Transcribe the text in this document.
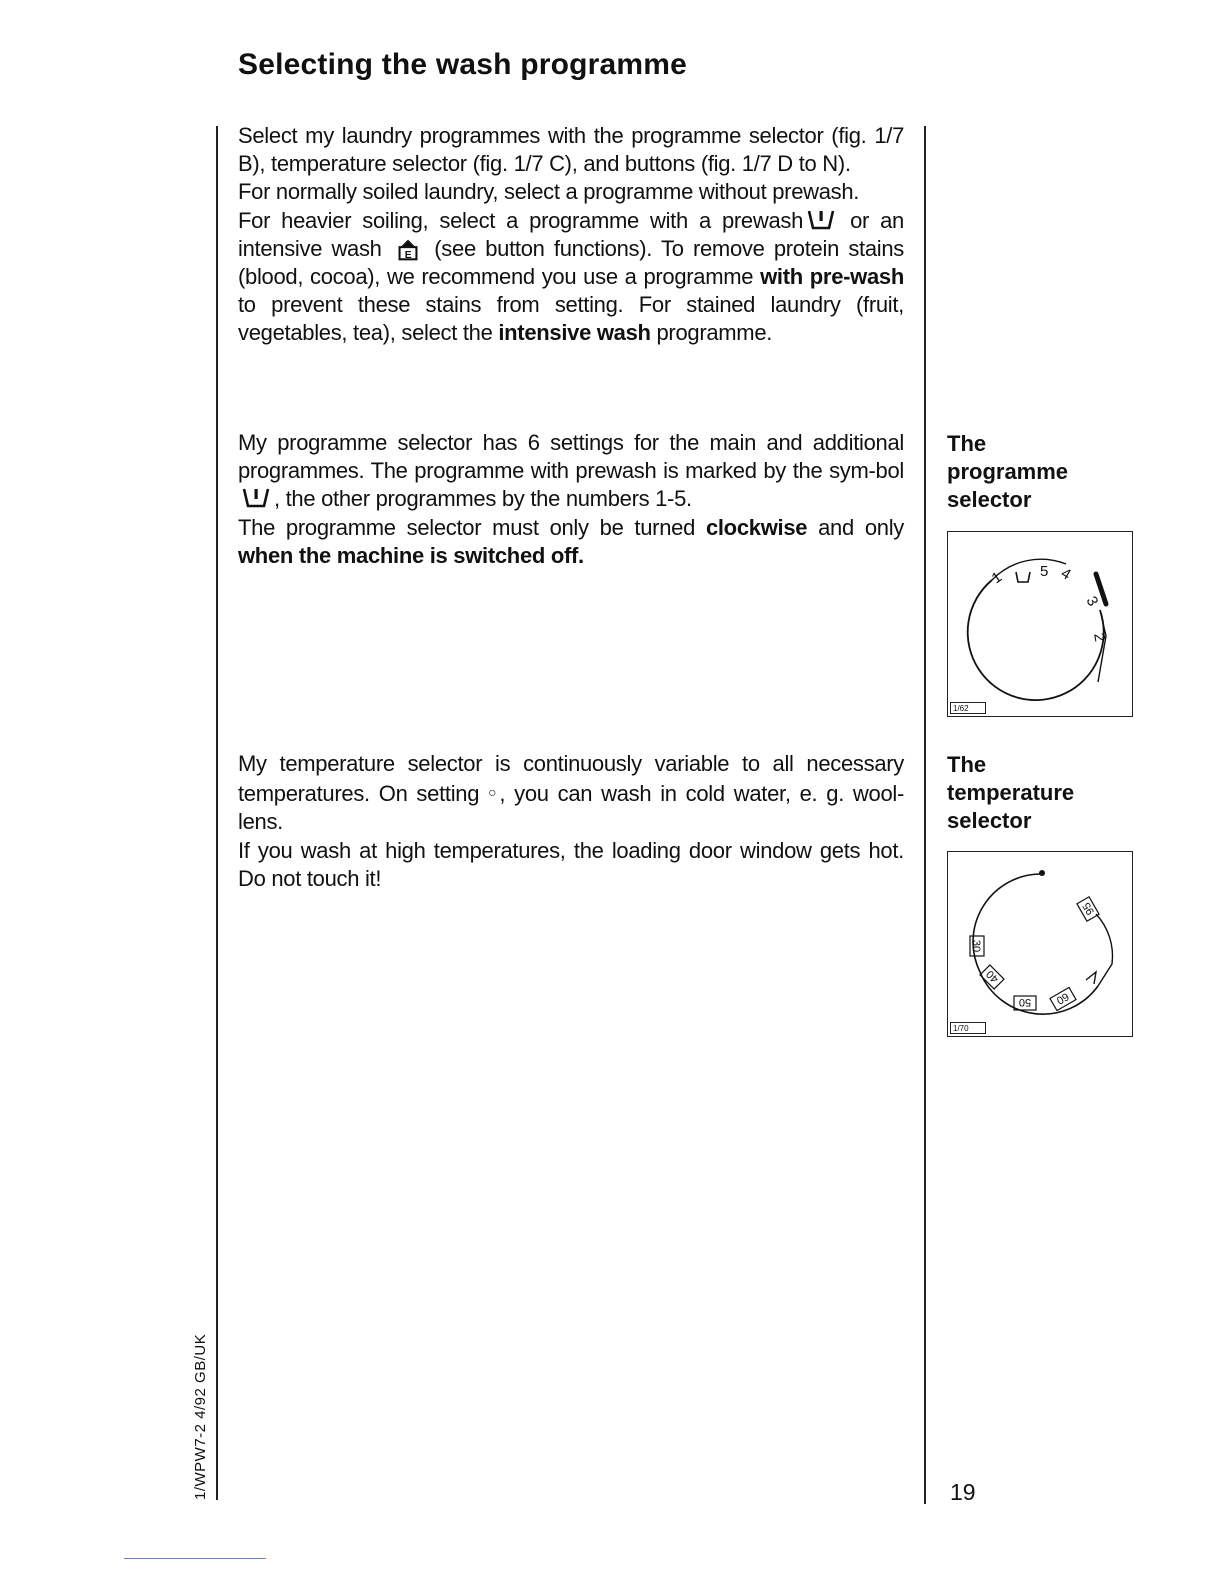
Selecting the wash programme

Select my laundry programmes with the programme selector (fig. 1/7 B), temperature selector (fig. 1/7 C), and buttons (fig. 1/7 D to N).

For normally soiled laundry, select a programme without prewash.

For heavier soiling, select a programme with a prewash or an intensive wash E (see button functions). To remove protein stains (blood, cocoa), we recommend you use a programme with pre-wash to prevent these stains from setting. For stained laundry (fruit, vegetables, tea), select the intensive wash programme.

My programme selector has 6 settings for the main and additional programmes. The programme with prewash is marked by the sym-bol , the other programmes by the numbers 1-5.

The programme selector must only be turned clockwise and only when the machine is switched off.

The programme selector
1 5 4
3
2
1/62

My temperature selector is continuously variable to all necessary temperatures. On setting ○, you can wash in cold water, e. g. wool-lens.

If you wash at high temperatures, the loading door window gets hot. Do not touch it!

The temperature selector
30
40
50 60
95
1/70

19

1/WPW7-2 4/92 GB/UK
